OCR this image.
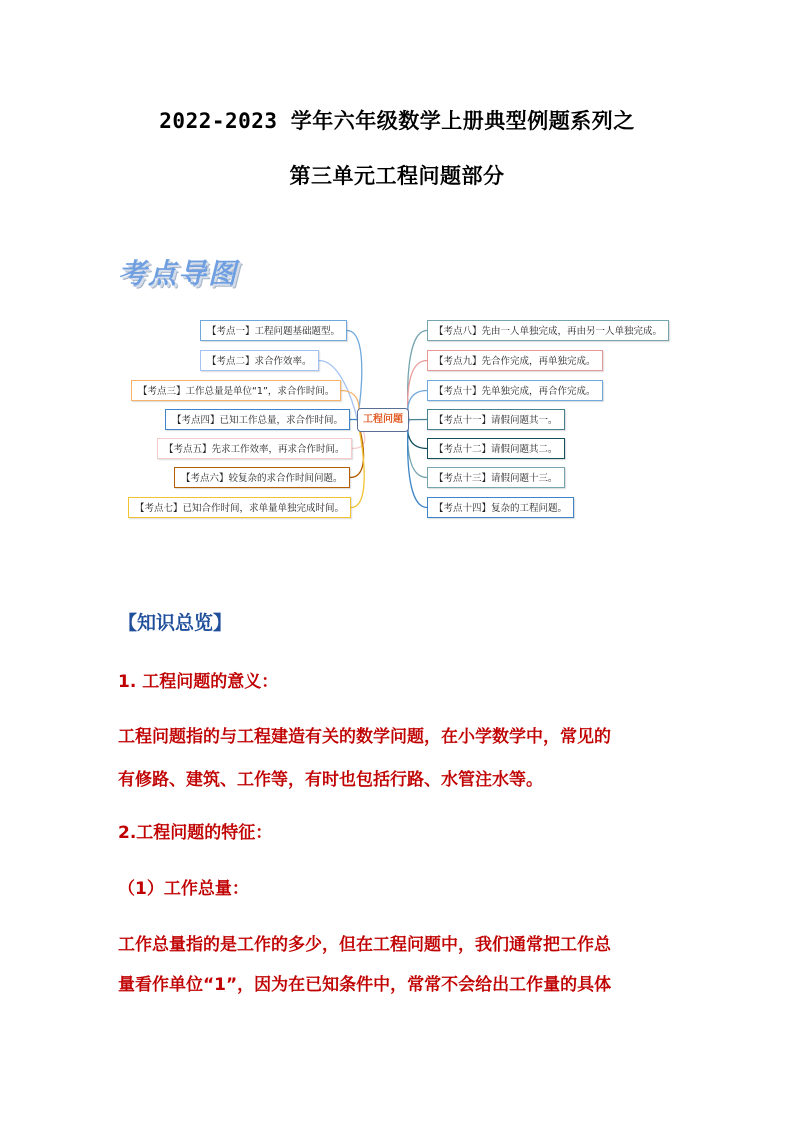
2022-2023 学年六年级数学上册典型例题系列之
第三单元工程问题部分
考点导图
工程问题
【考点一】工程问题基础题型。
【考点二】求合作效率。
【考点三】工作总量是单位“1”，求合作时间。
【考点四】已知工作总量，求合作时间。
【考点五】先求工作效率，再求合作时间。
【考点六】较复杂的求合作时间问题。
【考点七】已知合作时间，求单量单独完成时间。
【考点八】先由一人单独完成，再由另一人单独完成。
【考点九】先合作完成，再单独完成。
【考点十】先单独完成，再合作完成。
【考点十一】请假问题其一。
【考点十二】请假问题其二。
【考点十三】请假问题十三。
【考点十四】复杂的工程问题。
【知识总览】
1. 工程问题的意义：
工程问题指的与工程建造有关的数学问题，在小学数学中，常见的
有修路、建筑、工作等，有时也包括行路、水管注水等。
2.工程问题的特征：
（1）工作总量：
工作总量指的是工作的多少，但在工程问题中，我们通常把工作总
量看作单位“1”，因为在已知条件中，常常不会给出工作量的具体
